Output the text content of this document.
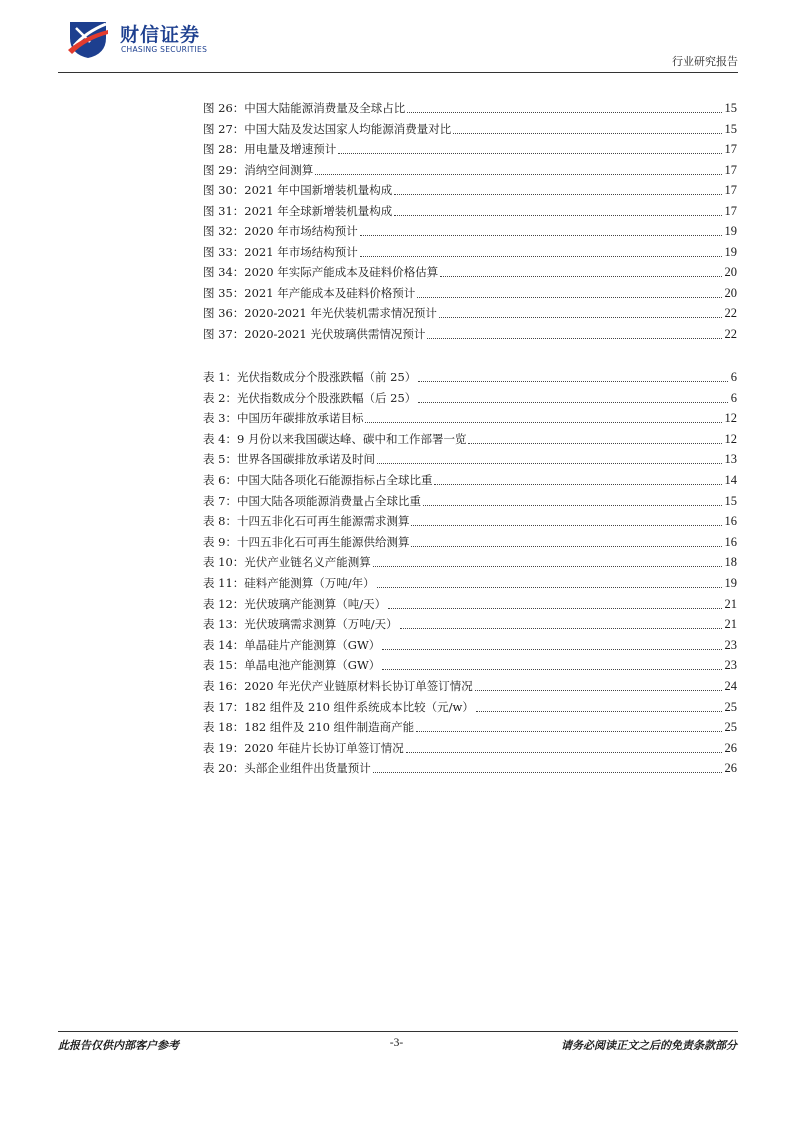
财信证券
CHASING SECURITIES
行业研究报告
图 26：中国大陆能源消费量及全球占比	15
图 27：中国大陆及发达国家人均能源消费量对比	15
图 28：用电量及增速预计	17
图 29：消纳空间测算	17
图 30：2021 年中国新增装机量构成	17
图 31：2021 年全球新增装机量构成	17
图 32：2020 年市场结构预计	19
图 33：2021 年市场结构预计	19
图 34：2020 年实际产能成本及硅料价格估算	20
图 35：2021 年产能成本及硅料价格预计	20
图 36：2020-2021 年光伏装机需求情况预计	22
图 37：2020-2021 光伏玻璃供需情况预计	22
表 1：光伏指数成分个股涨跌幅（前 25）	6
表 2：光伏指数成分个股涨跌幅（后 25）	6
表 3：中国历年碳排放承诺目标	12
表 4：9 月份以来我国碳达峰、碳中和工作部署一览	12
表 5：世界各国碳排放承诺及时间	13
表 6：中国大陆各项化石能源指标占全球比重	14
表 7：中国大陆各项能源消费量占全球比重	15
表 8：十四五非化石可再生能源需求测算	16
表 9：十四五非化石可再生能源供给测算	16
表 10：光伏产业链名义产能测算	18
表 11：硅料产能测算（万吨/年）	19
表 12：光伏玻璃产能测算（吨/天）	21
表 13：光伏玻璃需求测算（万吨/天）	21
表 14：单晶硅片产能测算（GW）	23
表 15：单晶电池产能测算（GW）	23
表 16：2020 年光伏产业链原材料长协订单签订情况	24
表 17：182 组件及 210 组件系统成本比较（元/w）	25
表 18：182 组件及 210 组件制造商产能	25
表 19：2020 年硅片长协订单签订情况	26
表 20：头部企业组件出货量预计	26
此报告仅供内部客户参考	-3-	请务必阅读正文之后的免责条款部分
